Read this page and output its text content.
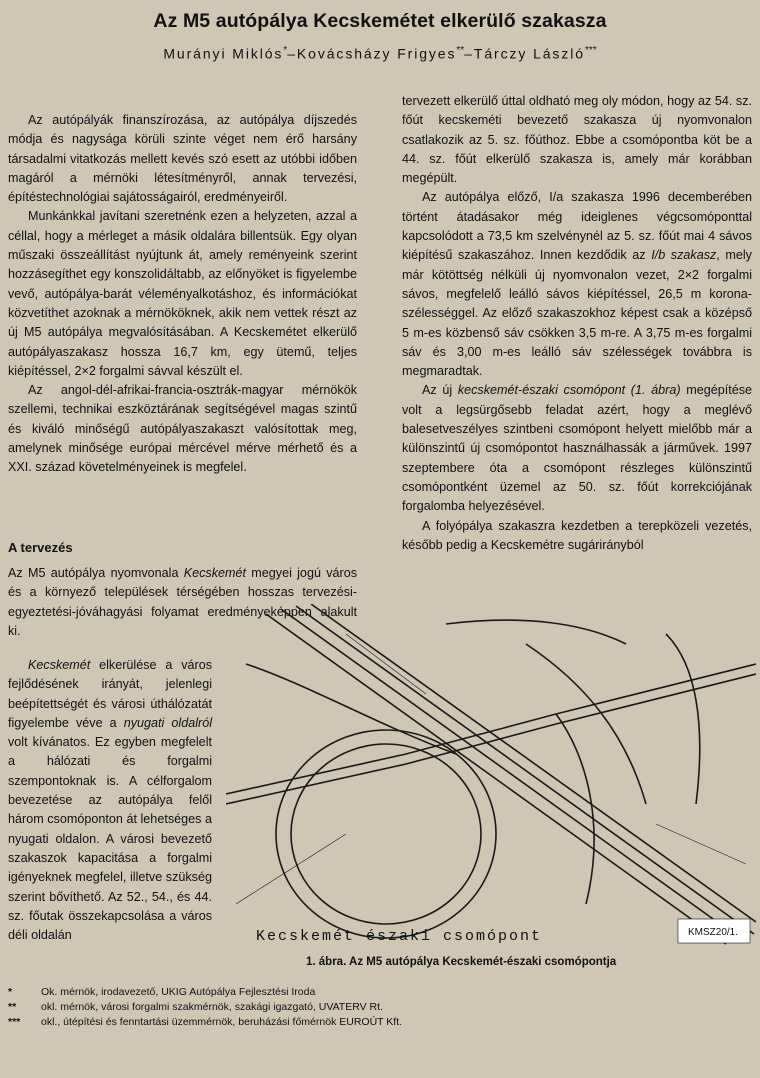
Az M5 autópálya Kecskemétet elkerülő szakasza
Murányi Miklós*–Kovácsházy Frigyes**–Tárczy László***

Az autópályák finanszírozása, az autópálya díjszedés módja és nagysága körüli szinte véget nem érő harsány társadalmi vitatkozás mellett kevés szó esett az utóbbi időben magáról a mérnöki létesítményről, annak tervezési, építéstechnológiai sajátosságairól, eredményeiről.

Munkánkkal javítani szeretnénk ezen a helyzeten, azzal a céllal, hogy a mérleget a másik oldalára billentsük. Egy olyan műszaki összeállítást nyújtunk át, amely reményeink szerint hozzásegíthet egy konszolidáltabb, az előnyöket is figyelembe vevő, autópálya-barát véleményalkotáshoz, és információkat közvetíthet azoknak a mérnököknek, akik nem vettek részt az új M5 autópálya megvalósításában. A Kecskemétet elkerülő autópályaszakasz hossza 16,7 km, egy ütemű, teljes kiépítéssel, 2×2 forgalmi sávval készült el.

Az angol-dél-afrikai-francia-osztrák-magyar mérnökök szellemi, technikai eszköztárának segítségével magas szintű és kiváló minőségű autópályaszakaszt valósítottak meg, amelynek minősége európai mércével mérve mérhető és a XXI. század követelményeinek is megfelel.

A tervezés

Az M5 autópálya nyomvonala Kecskemét megyei jogú város és a környező települések térségében hosszas tervezési-egyeztetési-jóváhagyási folyamat eredményeképpen alakult ki.

Kecskemét elkerülése a város fejlődésének irányát, jelenlegi beépítettségét és városi úthálózatát figyelembe véve a nyugati oldalról volt kívánatos. Ez egyben megfelelt a hálózati és forgalmi szempontoknak is. A célforgalom bevezetése az autópálya felől három csomóponton át lehetséges a nyugati oldalon. A városi bevezető szakaszok kapacitása a forgalmi igényeknek megfelel, illetve szükség szerint bővíthető. Az 52., 54., és 44. sz. főutak összekapcsolása a város déli oldalán

tervezett elkerülő úttal oldható meg oly módon, hogy az 54. sz. főút kecskeméti bevezető szakasza új nyomvonalon csatlakozik az 5. sz. főúthoz. Ebbe a csomópontba köt be a 44. sz. főút elkerülő szakasza is, amely már korábban megépült.

Az autópálya előző, I/a szakasza 1996 decemberében történt átadásakor még ideiglenes végcsomóponttal kapcsolódott a 73,5 km szelvénynél az 5. sz. főút mai 4 sávos kiépítésű szakaszához. Innen kezdődik az I/b szakasz, mely már kötöttség nélküli új nyomvonalon vezet, 2×2 forgalmi sávos, megfelelő leálló sávos kiépítéssel, 26,5 m korona-szélességgel. Az előző szakaszokhoz képest csak a középső 5 m-es közbenső sáv csökken 3,5 m-re. A 3,75 m-es forgalmi sáv és 3,00 m-es leálló sáv szélességek továbbra is megmaradtak.

Az új kecskemét-északi csomópont (1. ábra) megépítése volt a legsürgősebb feladat azért, hogy a meglévő balesetveszélyes szintbeni csomópont helyett mielőbb már a különszintű új csomópontot használhassák a járművek. 1997 szeptembere óta a csomópont részleges különszintű csomópontként üzemel az 50. sz. főút korrekciójának forgalomba helyezésével.

A folyópálya szakaszra kezdetben a terepközeli vezetés, később pedig a Kecskemétre sugárirányból

Kecskemét északi csomópont	KMSZ20/1.
1. ábra. Az M5 autópálya Kecskemét-északi csomópontja
*	Ok. mérnök, irodavezető, UKIG Autópálya Fejlesztési Iroda
**	okl. mérnök, városi forgalmi szakmérnök, szakági igazgató, UVATERV Rt.
***	okl., útépítési és fenntartási üzemmérnök, beruházási főmérnök EUROÚT Kft.
